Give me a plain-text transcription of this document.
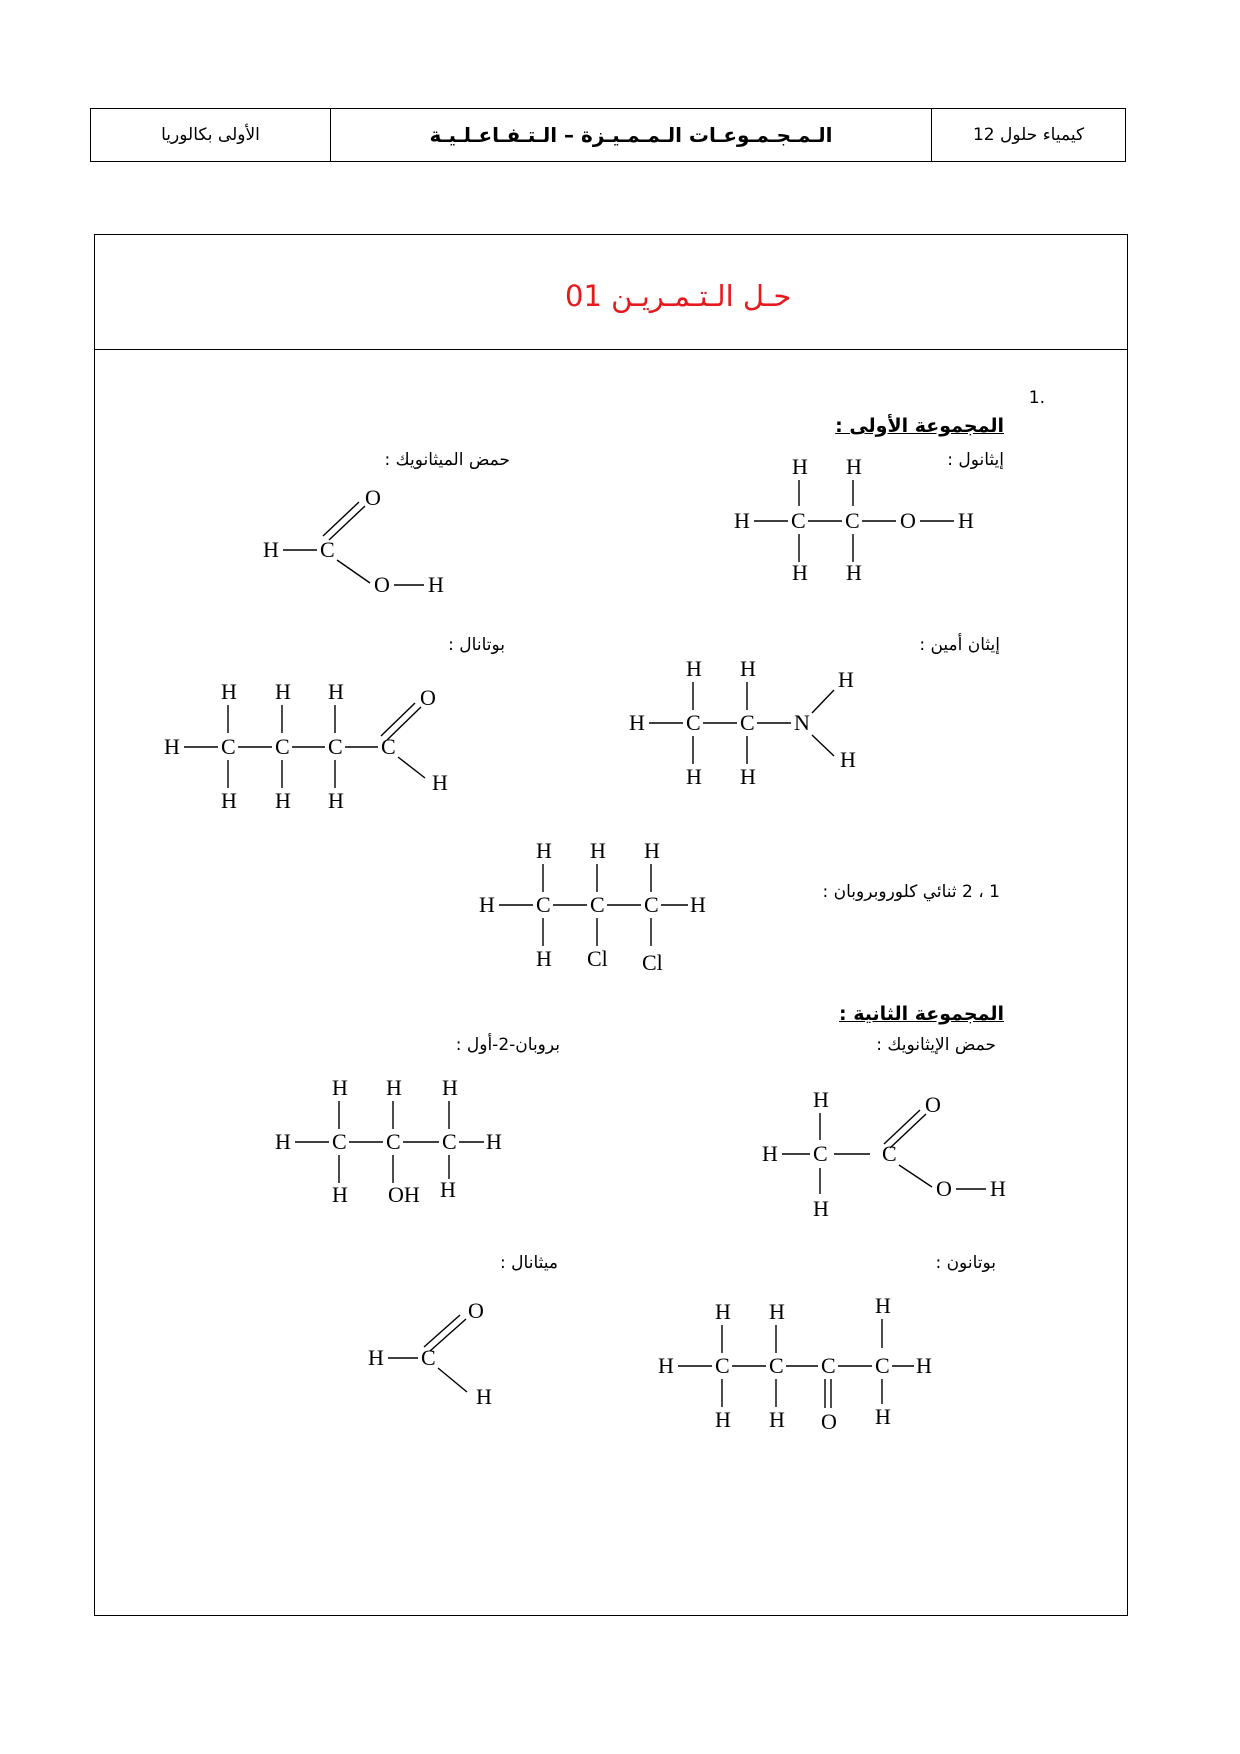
الأولى بكالوريا	الـمـجـمـوعـات الـمـمـيـزة – الـتـفـاعـلـيـة	كيمياء حلول 12
حـل الـتـمـريـن 01
.1
المجموعة الأولى :
إيثانول :
حمض الميثانويك :
إيثان أمين :
بوتانال :
1 ، 2 ثنائي كلوروبروبان :
المجموعة الثانية :
حمض الإيثانويك :
بروبان-2-أول :
بوتانون :
ميثانال :
H H
H C C O H
H H
O
H C
O H
H H
H C C N
H
H
H H
H H H	O
H C C C C
H
H H H
H H H
H C C C H
H Cl Cl
H	O
H C C
O H
H
H H H
H C C C H
H OH H
H H	H
H C C C C H
H H O H
O
H C
H
